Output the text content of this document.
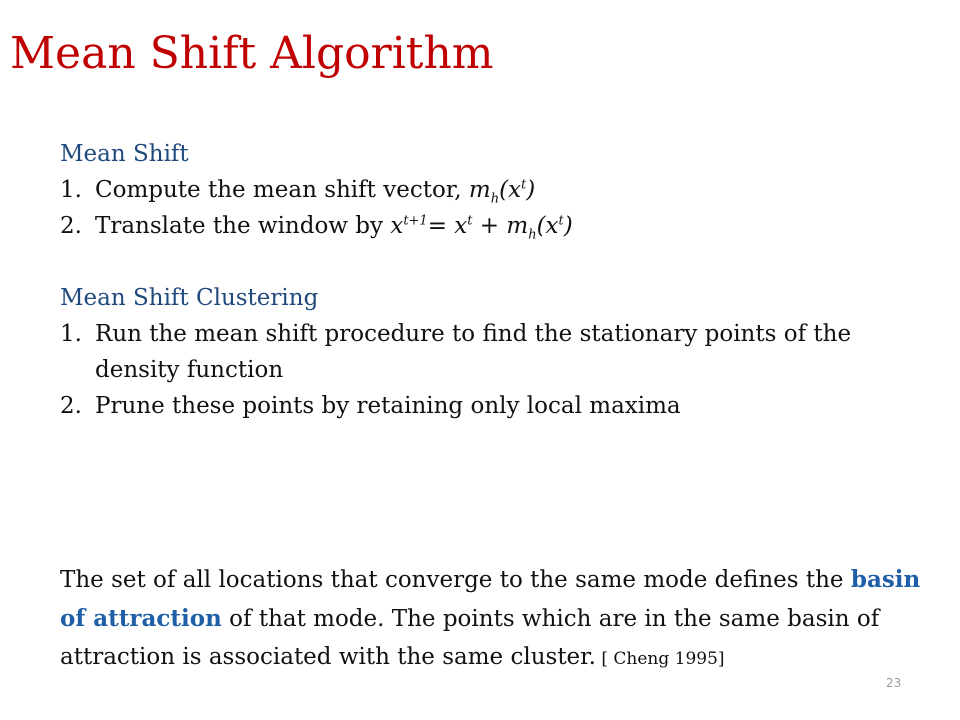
Mean Shift Algorithm

Mean Shift

1. Compute the mean shift vector, $m_h(x^t)$
2. Translate the window by $x^{t+1}= x^t + m_h(x^t)$

Mean Shift Clustering

1. Run the mean shift procedure to find the stationary points of the density function
2. Prune these points by retaining only local maxima

The set of all locations that converge to the same mode defines the basin of attraction of that mode. The points which are in the same basin of attraction is associated with the same cluster. [ Cheng 1995]

23
